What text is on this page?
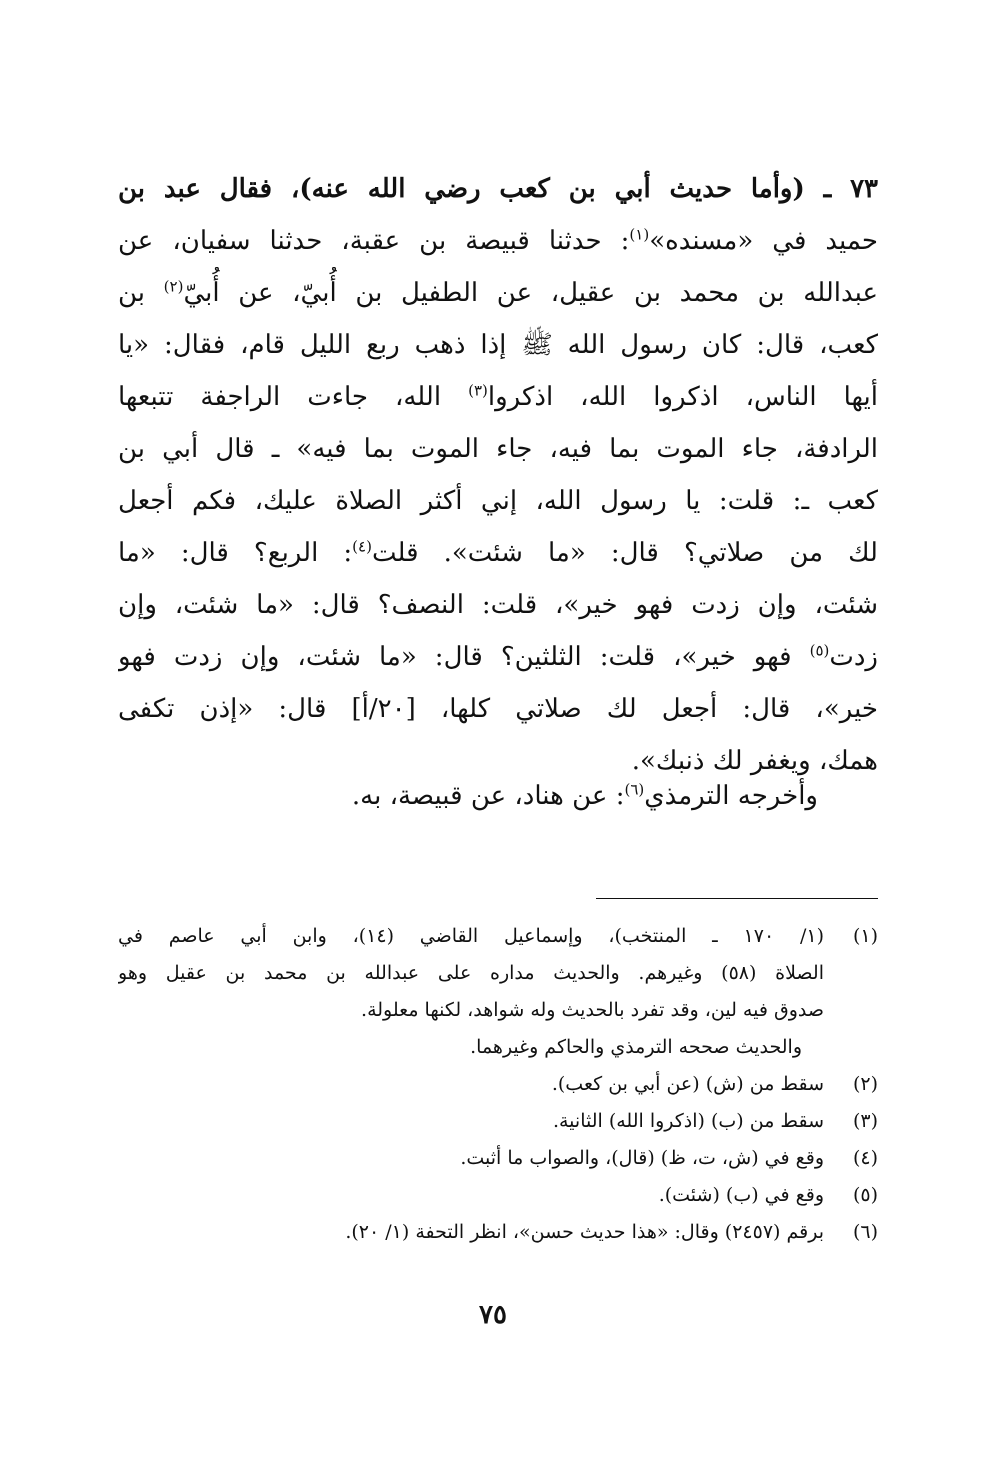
٧٣ ـ (وأما حديث أبي بن كعب رضي الله عنه)، فقال عبد بن
حميد في «مسنده»$^{(١)}$: حدثنا قبيصة بن عقبة، حدثنا سفيان، عن
عبدالله بن محمد بن عقيل، عن الطفيل بن أُبيّ، عن أُبيّ$^{(٢)}$ بن
كعب، قال: كان رسول الله ﷺ إذا ذهب ربع الليل قام، فقال: «يا
أيها الناس، اذكروا الله، اذكروا$^{(٣)}$ الله، جاءت الراجفة تتبعها
الرادفة، جاء الموت بما فيه، جاء الموت بما فيه» ـ قال أبي بن
كعب ـ: قلت: يا رسول الله، إني أكثر الصلاة عليك، فكم أجعل
لك من صلاتي؟ قال: «ما شئت». قلت$^{(٤)}$: الربع؟ قال: «ما
شئت، وإن زدت فهو خير»، قلت: النصف؟ قال: «ما شئت، وإن
زدت$^{(٥)}$ فهو خير»، قلت: الثلثين؟ قال: «ما شئت، وإن زدت فهو
خير»، قال: أجعل لك صلاتي كلها، [٢٠/أ] قال: «إذن تكفى
همك، ويغفر لك ذنبك».
وأخرجه الترمذي$^{(٦)}$: عن هناد، عن قبيصة، به.
(١)
(١/ ١٧٠ ـ المنتخب)، وإسماعيل القاضي (١٤)، وابن أبي عاصم في
الصلاة (٥٨) وغيرهم. والحديث مداره على عبدالله بن محمد بن عقيل وهو
صدوق فيه لين، وقد تفرد بالحديث وله شواهد، لكنها معلولة.
والحديث صححه الترمذي والحاكم وغيرهما.
(٢)
سقط من (ش) (عن أبي بن كعب).
(٣)
سقط من (ب) (اذكروا الله) الثانية.
(٤)
وقع في (ش، ت، ظ) (قال)، والصواب ما أثبت.
(٥)
وقع في (ب) (شئت).
(٦)
برقم (٢٤٥٧) وقال: «هذا حديث حسن»، انظر التحفة (١/ ٢٠).
٧٥
